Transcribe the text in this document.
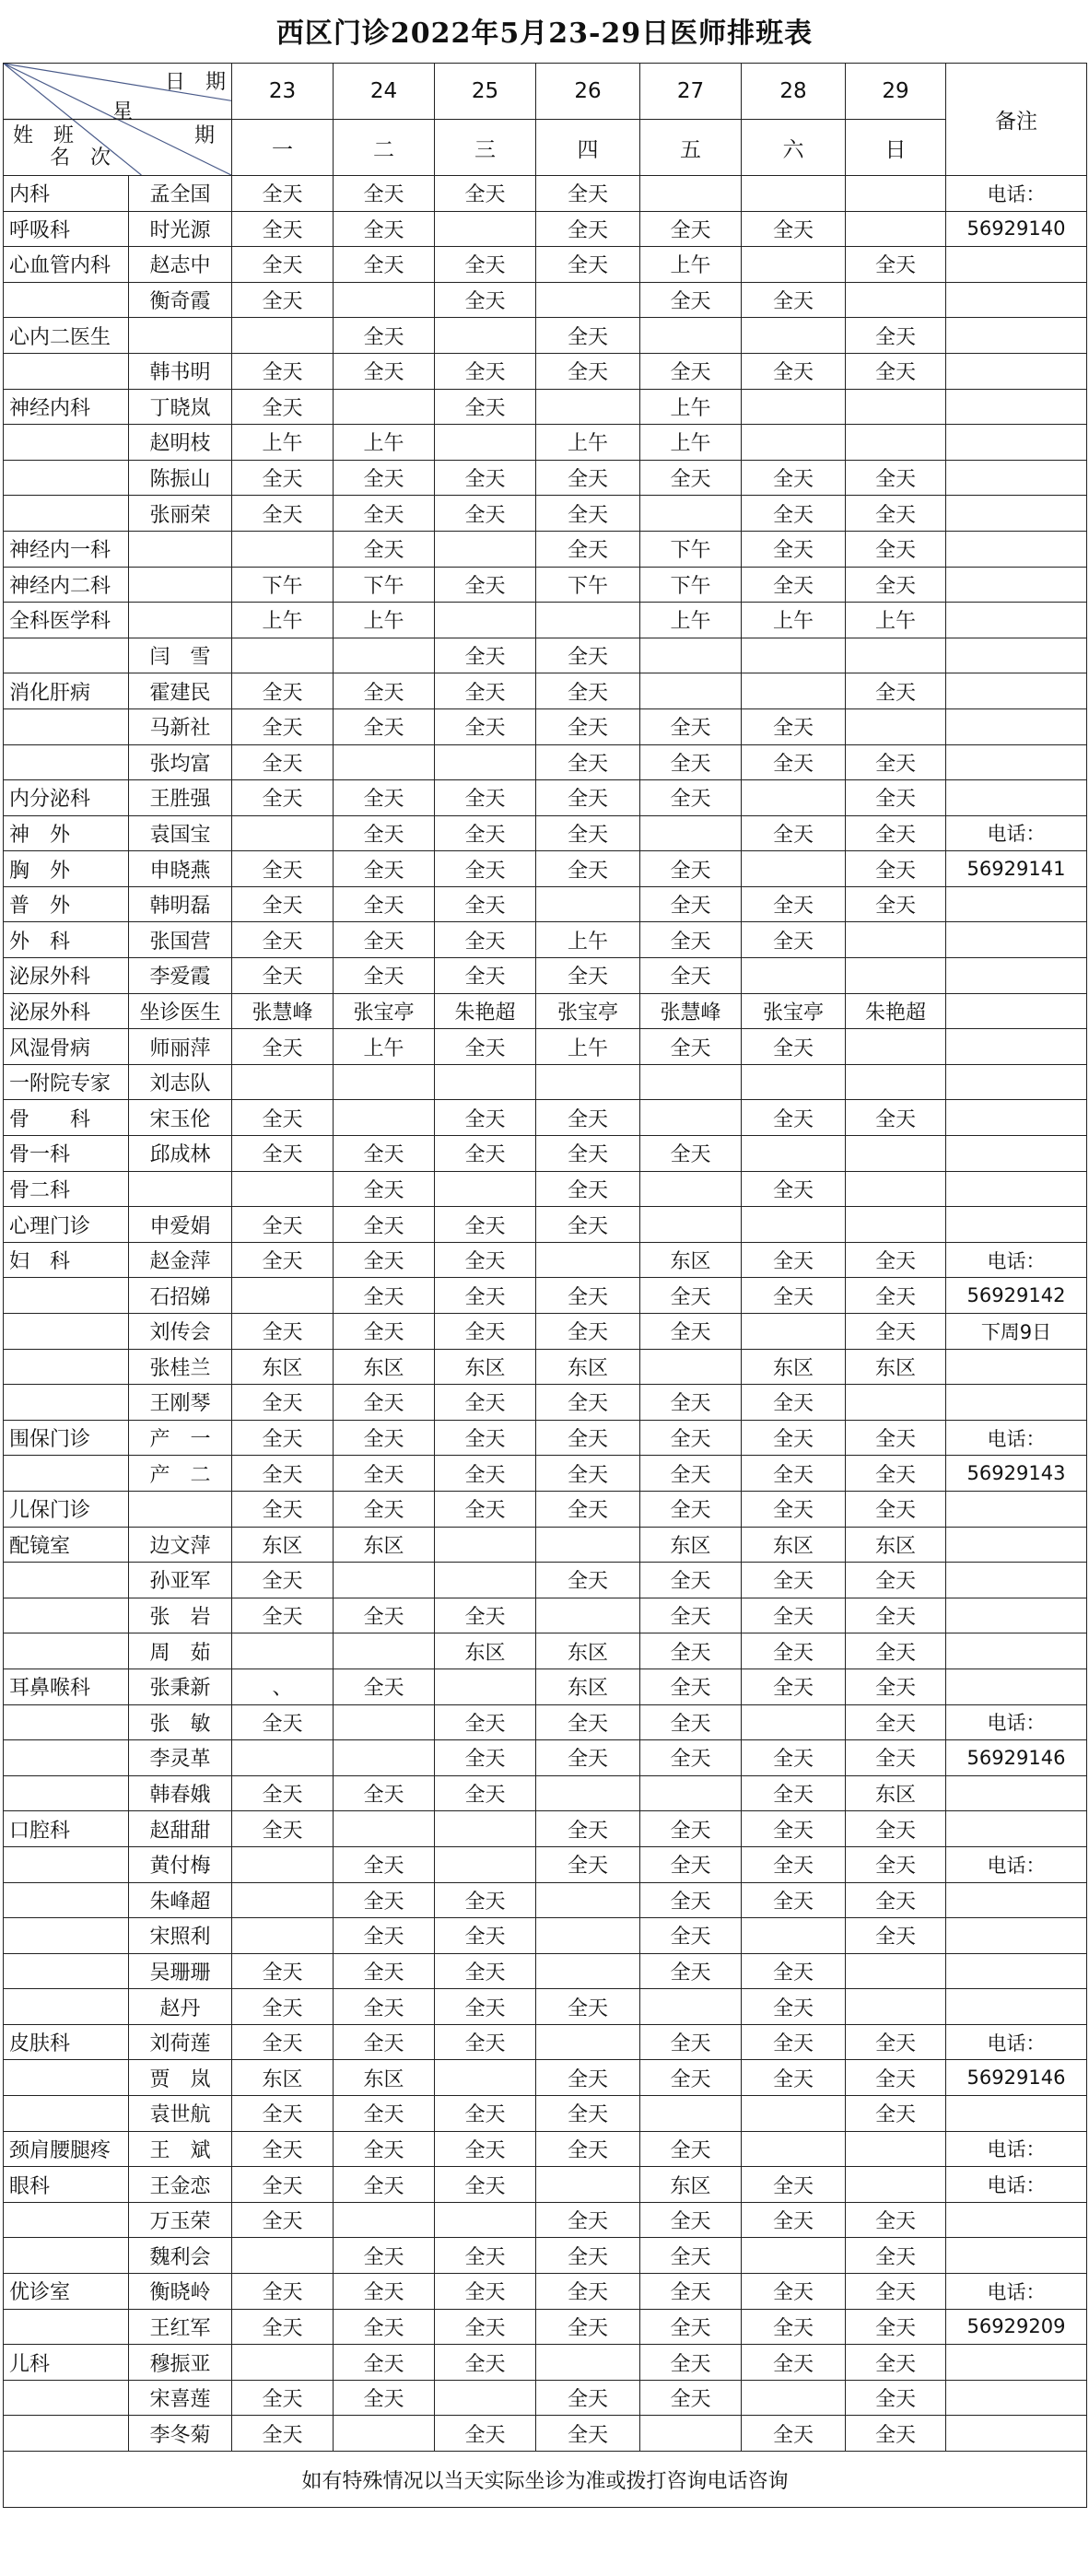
西区门诊2022年5月23-29日医师排班表
日　期
星
姓　班 期
名　次		23	24	25	26	27	28	29	备注
		一	二	三	四	五	六	日	
内科	孟全国	全天	全天	全天	全天				电话：
呼吸科	时光源	全天	全天		全天	全天	全天		56929140
心血管内科	赵志中	全天	全天	全天	全天	上午		全天	
	衡奇霞	全天		全天		全天	全天		
心内二医生			全天		全天			全天	
	韩书明	全天	全天	全天	全天	全天	全天	全天	
神经内科	丁晓岚	全天		全天		上午			
	赵明枝	上午	上午		上午	上午			
	陈振山	全天	全天	全天	全天	全天	全天	全天	
	张丽荣	全天	全天	全天	全天		全天	全天	
神经内一科			全天		全天	下午	全天	全天	
神经内二科		下午	下午	全天	下午	下午	全天	全天	
全科医学科		上午	上午			上午	上午	上午	
	闫　雪			全天	全天				
消化肝病	霍建民	全天	全天	全天	全天			全天	
	马新社	全天	全天	全天	全天	全天	全天		
	张均富	全天			全天	全天	全天	全天	
内分泌科	王胜强	全天	全天	全天	全天	全天		全天	
神　外	袁国宝		全天	全天	全天		全天	全天	电话：
胸　外	申晓燕	全天	全天	全天	全天	全天		全天	56929141
普　外	韩明磊	全天	全天	全天		全天	全天	全天	
外　科	张国营	全天	全天	全天	上午	全天	全天		
泌尿外科	李爱霞	全天	全天	全天	全天	全天			
泌尿外科	坐诊医生	张慧峰	张宝亭	朱艳超	张宝亭	张慧峰	张宝亭	朱艳超	
风湿骨病	师丽萍	全天	上午	全天	上午	全天	全天		
一附院专家	刘志队								
骨　　科	宋玉伦	全天		全天	全天		全天	全天	
骨一科	邱成林	全天	全天	全天	全天	全天			
骨二科			全天		全天		全天		
心理门诊	申爱娟	全天	全天	全天	全天				
妇　科	赵金萍	全天	全天	全天		东区	全天	全天	电话：
	石招娣		全天	全天	全天	全天	全天	全天	56929142
	刘传会	全天	全天	全天	全天	全天		全天	下周9日
	张桂兰	东区	东区	东区	东区		东区	东区	
	王刚琴	全天	全天	全天	全天	全天	全天		
围保门诊	产　一	全天	全天	全天	全天	全天	全天	全天	电话：
	产　二	全天	全天	全天	全天	全天	全天	全天	56929143
儿保门诊		全天	全天	全天	全天	全天	全天	全天	
配镜室	边文萍	东区	东区			东区	东区	东区	
	孙亚军	全天			全天	全天	全天	全天	
	张　岩	全天	全天	全天		全天	全天	全天	
	周　茹			东区	东区	全天	全天	全天	
耳鼻喉科	张秉新	、	全天		东区	全天	全天	全天	
	张　敏	全天		全天	全天	全天		全天	电话：
	李灵革			全天	全天	全天	全天	全天	56929146
	韩春娥	全天	全天	全天			全天	东区	
口腔科	赵甜甜	全天			全天	全天	全天	全天	
	黄付梅		全天		全天	全天	全天	全天	电话：
	朱峰超		全天	全天		全天	全天	全天	
	宋照利		全天	全天		全天		全天	
	吴珊珊	全天	全天	全天		全天	全天		
	赵丹	全天	全天	全天	全天		全天		
皮肤科	刘荷莲	全天	全天	全天		全天	全天	全天	电话：
	贾　岚	东区	东区		全天	全天	全天	全天	56929146
	袁世航	全天	全天	全天	全天			全天	
颈肩腰腿疼	王　斌	全天	全天	全天	全天	全天			电话：
眼科	王金恋	全天	全天	全天		东区	全天		电话：
	万玉荣	全天			全天	全天	全天	全天	
	魏利会		全天	全天	全天	全天		全天	
优诊室	衡晓岭	全天	全天	全天	全天	全天	全天	全天	电话：
	王红军	全天	全天	全天	全天	全天	全天	全天	56929209
儿科	穆振亚		全天	全天		全天	全天	全天	
	宋喜莲	全天	全天		全天	全天		全天	
	李冬菊	全天		全天	全天		全天	全天	
如有特殊情况以当天实际坐诊为准或拨打咨询电话咨询									
